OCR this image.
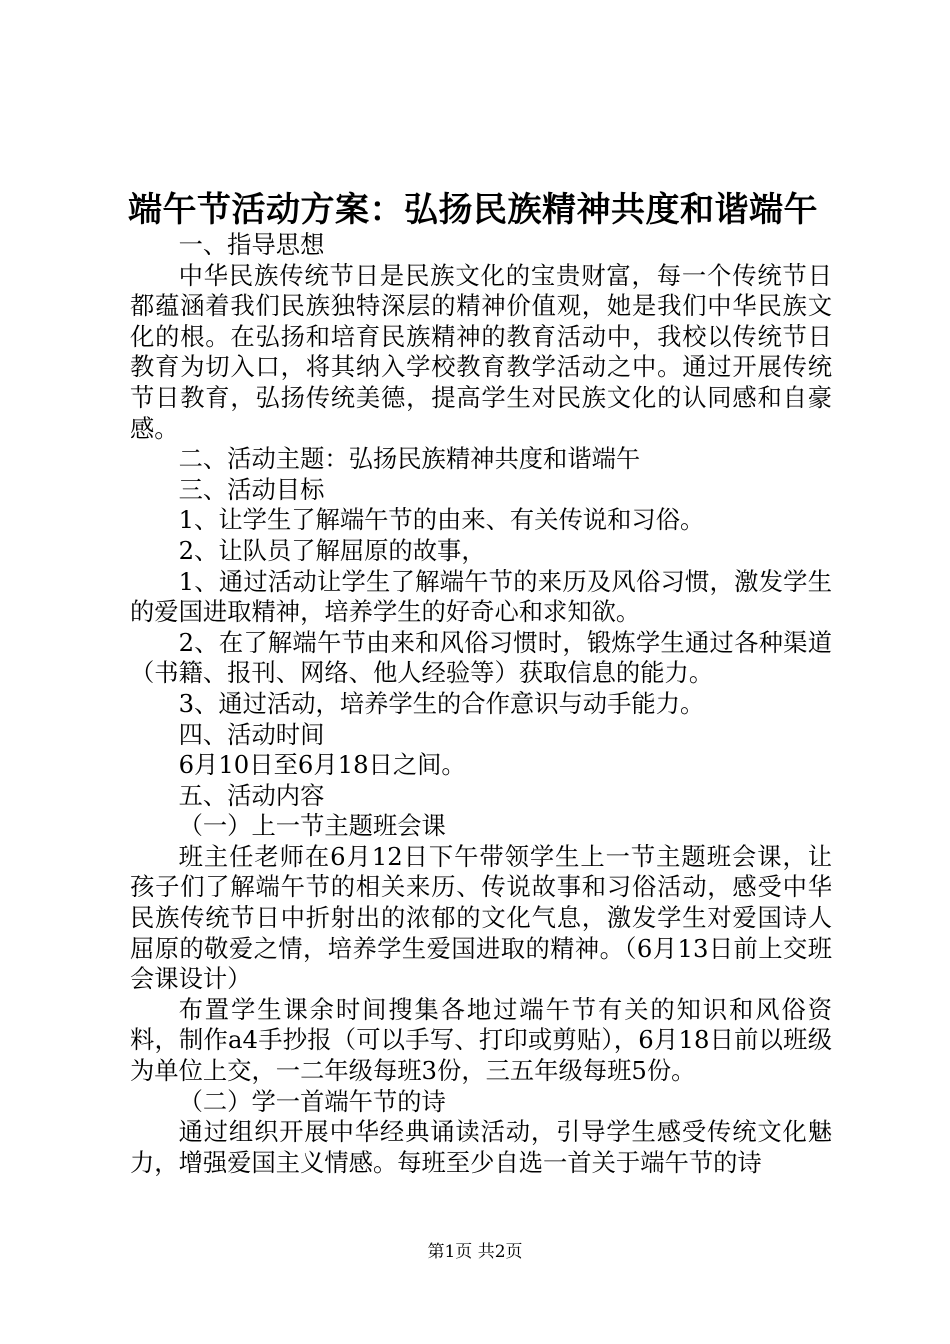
端午节活动方案：弘扬民族精神共度和谐端午

一、指导思想

中华民族传统节日是民族文化的宝贵财富，每一个传统节日都蕴涵着我们民族独特深层的精神价值观，她是我们中华民族文化的根。在弘扬和培育民族精神的教育活动中，我校以传统节日教育为切入口，将其纳入学校教育教学活动之中。通过开展传统节日教育，弘扬传统美德，提高学生对民族文化的认同感和自豪感。

二、活动主题：弘扬民族精神共度和谐端午

三、活动目标

1、让学生了解端午节的由来、有关传说和习俗。

2、让队员了解屈原的故事，

1、通过活动让学生了解端午节的来历及风俗习惯，激发学生的爱国进取精神，培养学生的好奇心和求知欲。

2、在了解端午节由来和风俗习惯时，锻炼学生通过各种渠道（书籍、报刊、网络、他人经验等）获取信息的能力。

3、通过活动，培养学生的合作意识与动手能力。

四、活动时间

6月10日至6月18日之间。

五、活动内容

（一）上一节主题班会课

班主任老师在6月12日下午带领学生上一节主题班会课，让孩子们了解端午节的相关来历、传说故事和习俗活动，感受中华民族传统节日中折射出的浓郁的文化气息，激发学生对爱国诗人屈原的敬爱之情，培养学生爱国进取的精神。（6月13日前上交班会课设计）

布置学生课余时间搜集各地过端午节有关的知识和风俗资料，制作a4手抄报（可以手写、打印或剪贴），6月18日前以班级为单位上交，一二年级每班3份，三五年级每班5份。

（二）学一首端午节的诗

通过组织开展中华经典诵读活动，引导学生感受传统文化魅力，增强爱国主义情感。每班至少自选一首关于端午节的诗

第1页 共2页
